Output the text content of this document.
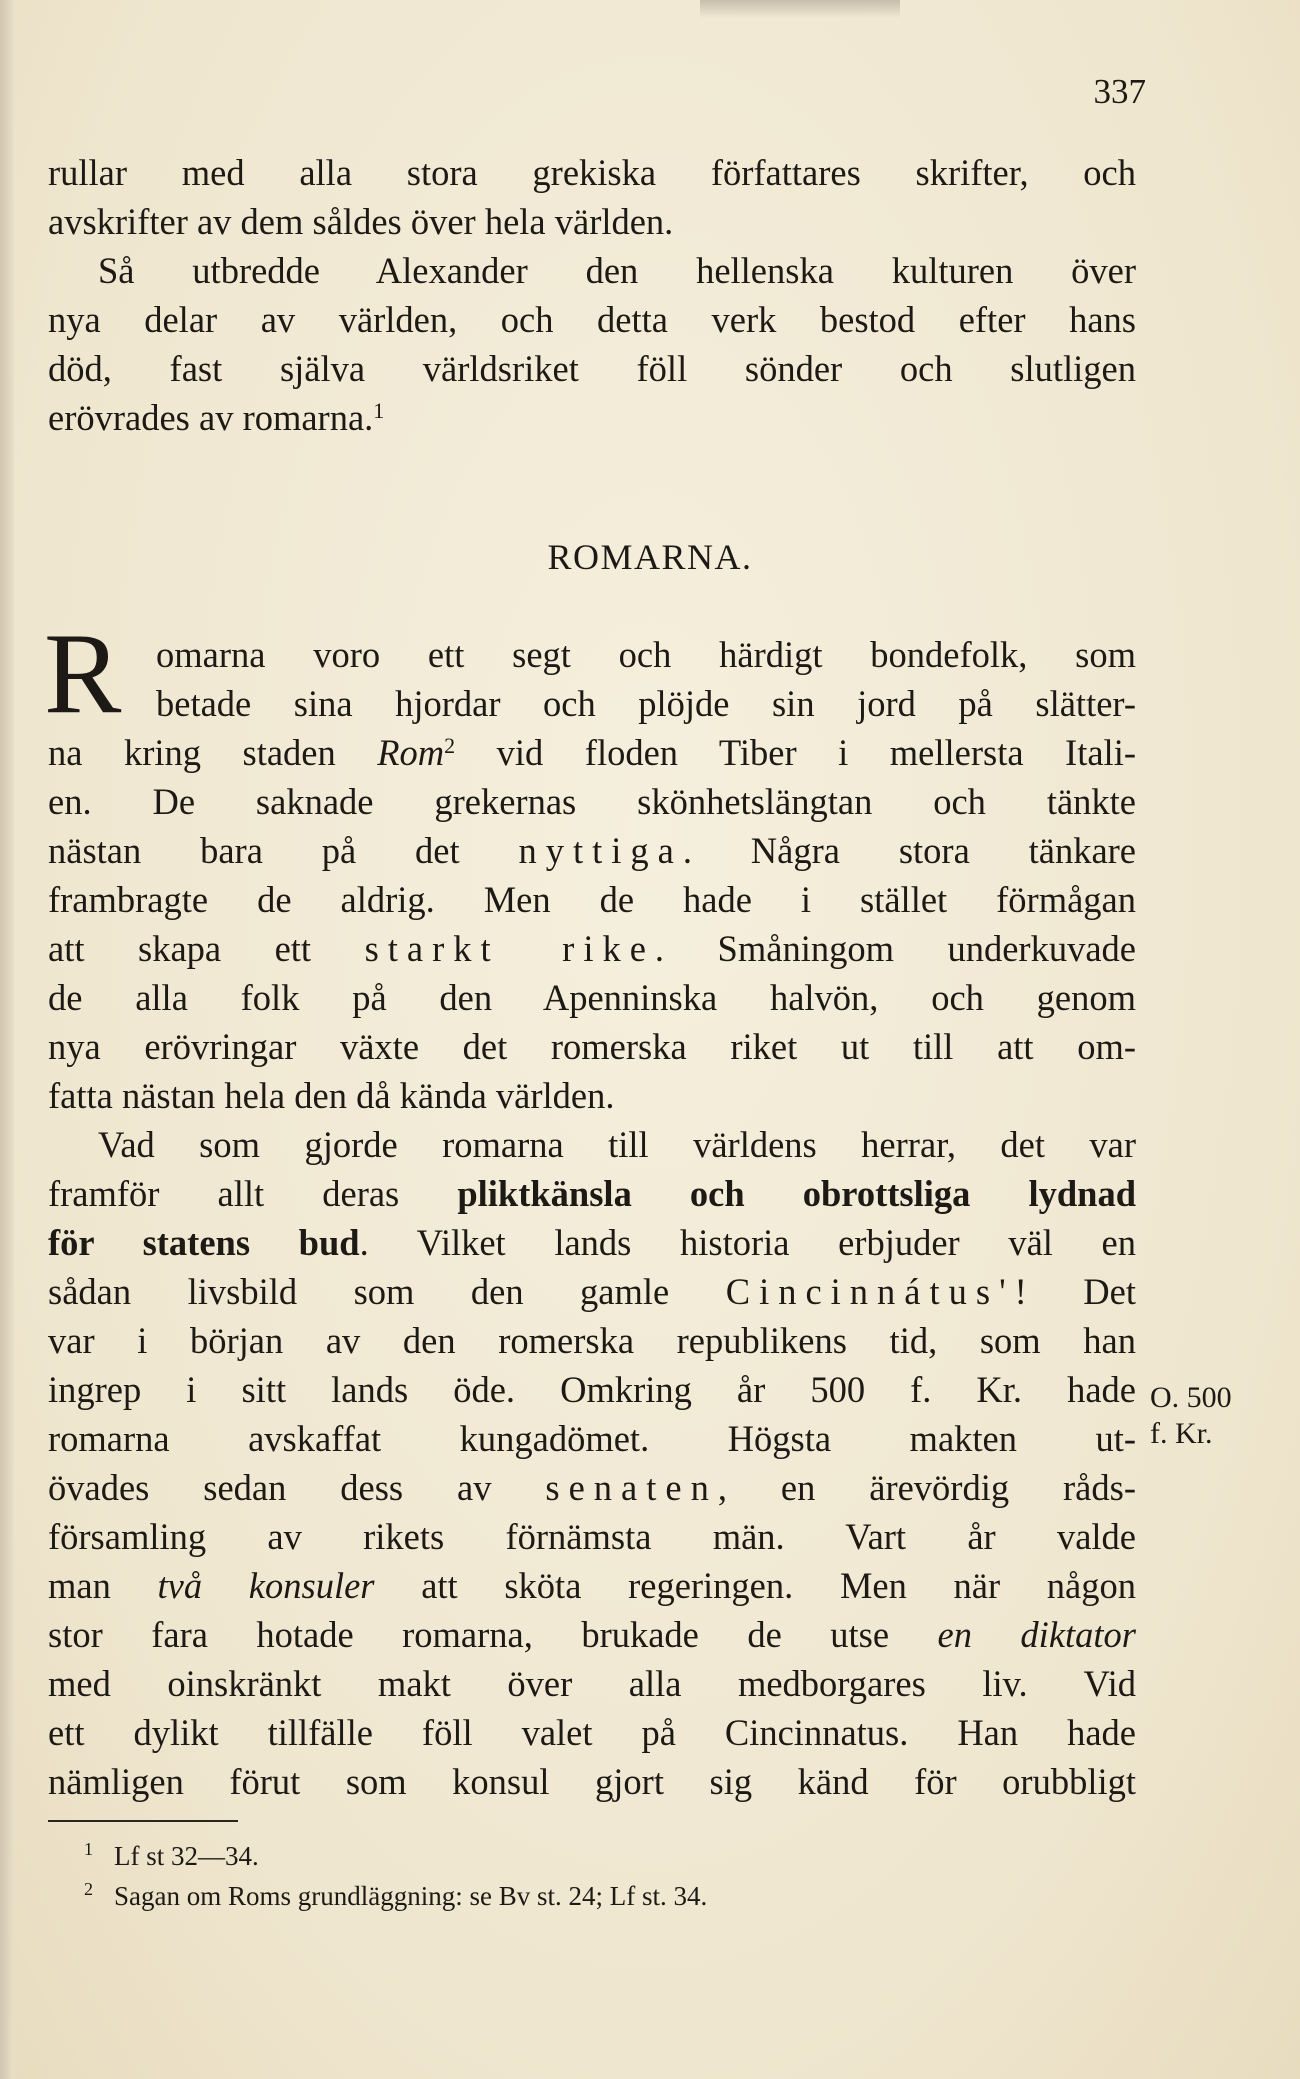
337
rullar med alla stora grekiska författares skrifter, och
avskrifter av dem såldes över hela världen.
Så utbredde Alexander den hellenska kulturen över
nya delar av världen, och detta verk bestod efter hans
död, fast själva världsriket föll sönder och slutligen
erövrades av romarna.$^1$
ROMARNA.
R omarna voro ett segt och härdigt bondefolk, som
betade sina hjordar och plöjde sin jord på slätter-
na kring staden Rom$^2$ vid floden Tiber i mellersta Itali-
en. De saknade grekernas skönhetslängtan och tänkte
nästan bara på det nyttiga. Några stora tänkare
frambragte de aldrig. Men de hade i stället förmågan
att skapa ett starkt rike. Småningom underkuvade
de alla folk på den Apenninska halvön, och genom
nya erövringar växte det romerska riket ut till att om-
fatta nästan hela den då kända världen.
Vad som gjorde romarna till världens herrar, det var
framför allt deras pliktkänsla och obrottsliga lydnad
för statens bud. Vilket lands historia erbjuder väl en
sådan livsbild som den gamle Cincinnátus'! Det
var i början av den romerska republikens tid, som han
ingrep i sitt lands öde. Omkring år 500 f. Kr. hade
romarna avskaffat kungadömet. Högsta makten ut-
övades sedan dess av senaten, en ärevördig råds-
församling av rikets förnämsta män. Vart år valde
man två konsuler att sköta regeringen. Men när någon
stor fara hotade romarna, brukade de utse en diktator
med oinskränkt makt över alla medborgares liv. Vid
ett dylikt tillfälle föll valet på Cincinnatus. Han hade
nämligen förut som konsul gjort sig känd för orubbligt
O. 500
f. Kr.
1 Lf st 32—34.
2 Sagan om Roms grundläggning: se Bv st. 24; Lf st. 34.
